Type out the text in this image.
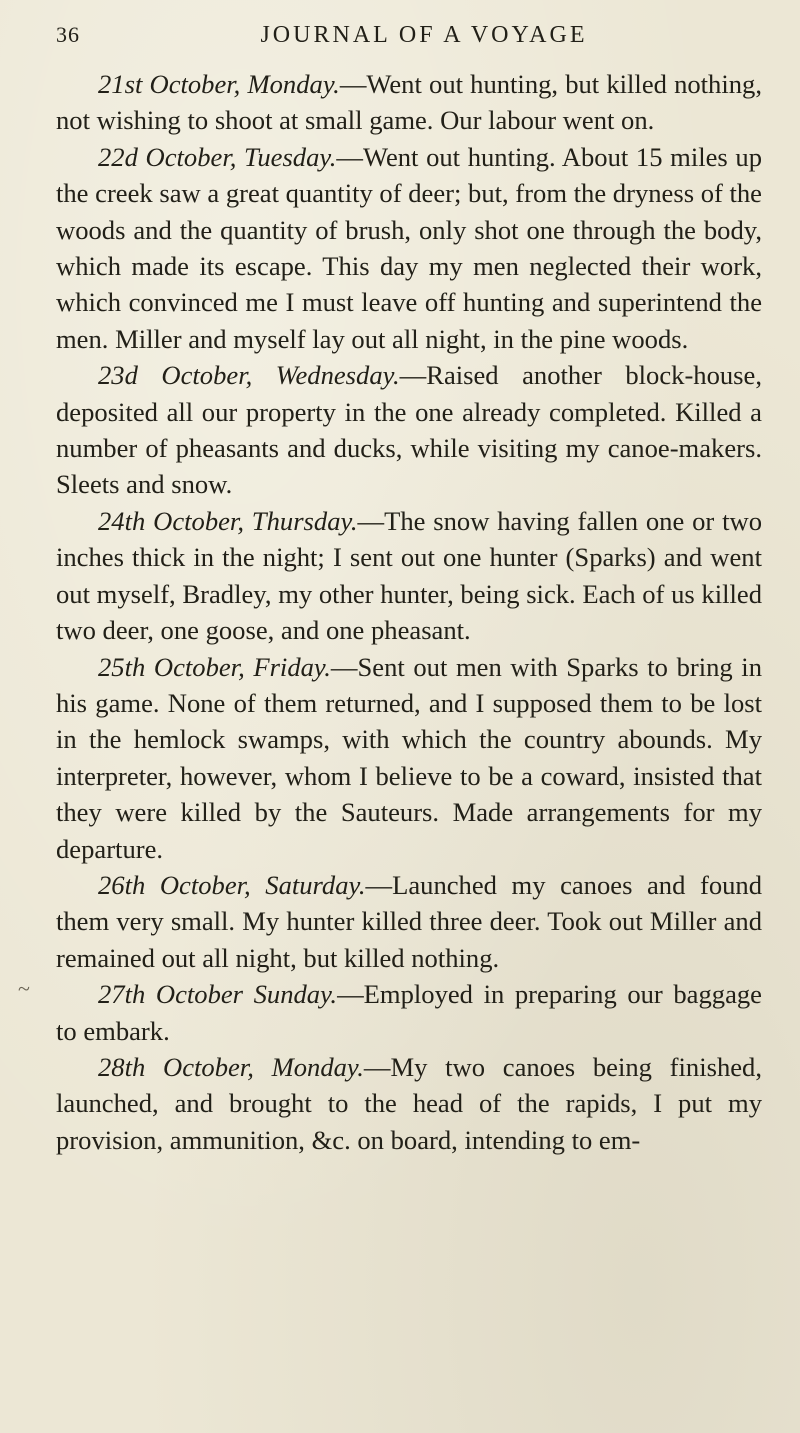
36	JOURNAL OF A VOYAGE

21st October, Monday.—Went out hunting, but killed nothing, not wishing to shoot at small game. Our labour went on.

22d October, Tuesday.—Went out hunting. About 15 miles up the creek saw a great quantity of deer; but, from the dryness of the woods and the quantity of brush, only shot one through the body, which made its escape. This day my men neglected their work, which convinced me I must leave off hunting and superintend the men. Miller and myself lay out all night, in the pine woods.

23d October, Wednesday.—Raised another block-house, deposited all our property in the one already completed. Killed a number of pheasants and ducks, while visiting my canoe-makers. Sleets and snow.

24th October, Thursday.—The snow having fallen one or two inches thick in the night; I sent out one hunter (Sparks) and went out myself, Bradley, my other hunter, being sick. Each of us killed two deer, one goose, and one pheasant.

25th October, Friday.—Sent out men with Sparks to bring in his game. None of them returned, and I supposed them to be lost in the hemlock swamps, with which the country abounds. My interpreter, however, whom I believe to be a coward, insisted that they were killed by the Sauteurs. Made arrangements for my departure.

26th October, Saturday.—Launched my canoes and found them very small. My hunter killed three deer. Took out Miller and remained out all night, but killed nothing.

27th October Sunday.—Employed in preparing our baggage to embark.

28th October, Monday.—My two canoes being finished, launched, and brought to the head of the rapids, I put my provision, ammunition, &c. on board, intending to em-

~
